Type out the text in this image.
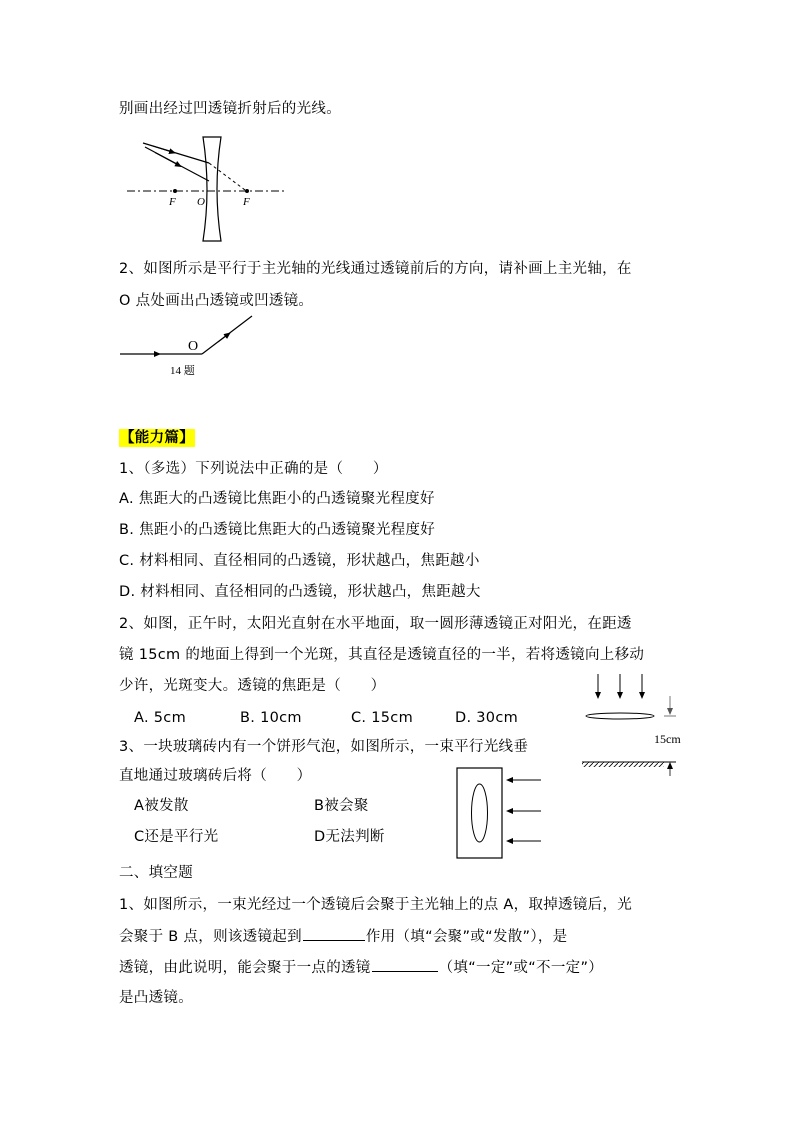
别画出经过凹透镜折射后的光线。
F O	F
2、如图所示是平行于主光轴的光线通过透镜前后的方向，请补画上主光轴，在
O 点处画出凸透镜或凹透镜。
O
14 题
【能力篇】
1、（多选）下列说法中正确的是（　　）
A. 焦距大的凸透镜比焦距小的凸透镜聚光程度好
B. 焦距小的凸透镜比焦距大的凸透镜聚光程度好
C. 材料相同、直径相同的凸透镜，形状越凸，焦距越小
D. 材料相同、直径相同的凸透镜，形状越凸，焦距越大
2、如图，正午时，太阳光直射在水平地面，取一圆形薄透镜正对阳光，在距透
镜 15cm 的地面上得到一个光斑，其直径是透镜直径的一半，若将透镜向上移动
少许，光斑变大。透镜的焦距是（　　）
A. 5cm	B. 10cm	C. 15cm	D. 30cm
15cm
3、一块玻璃砖内有一个饼形气泡，如图所示，一束平行光线垂
直地通过玻璃砖后将（　　）
A被发散	B被会聚
C还是平行光	D无法判断
二、填空题
1、如图所示，一束光经过一个透镜后会聚于主光轴上的点 A，取掉透镜后，光
会聚于 B 点，则该透镜起到	作用（填“会聚”或“发散”），是
透镜，由此说明，能会聚于一点的透镜	（填“一定”或“不一定”）
是凸透镜。
